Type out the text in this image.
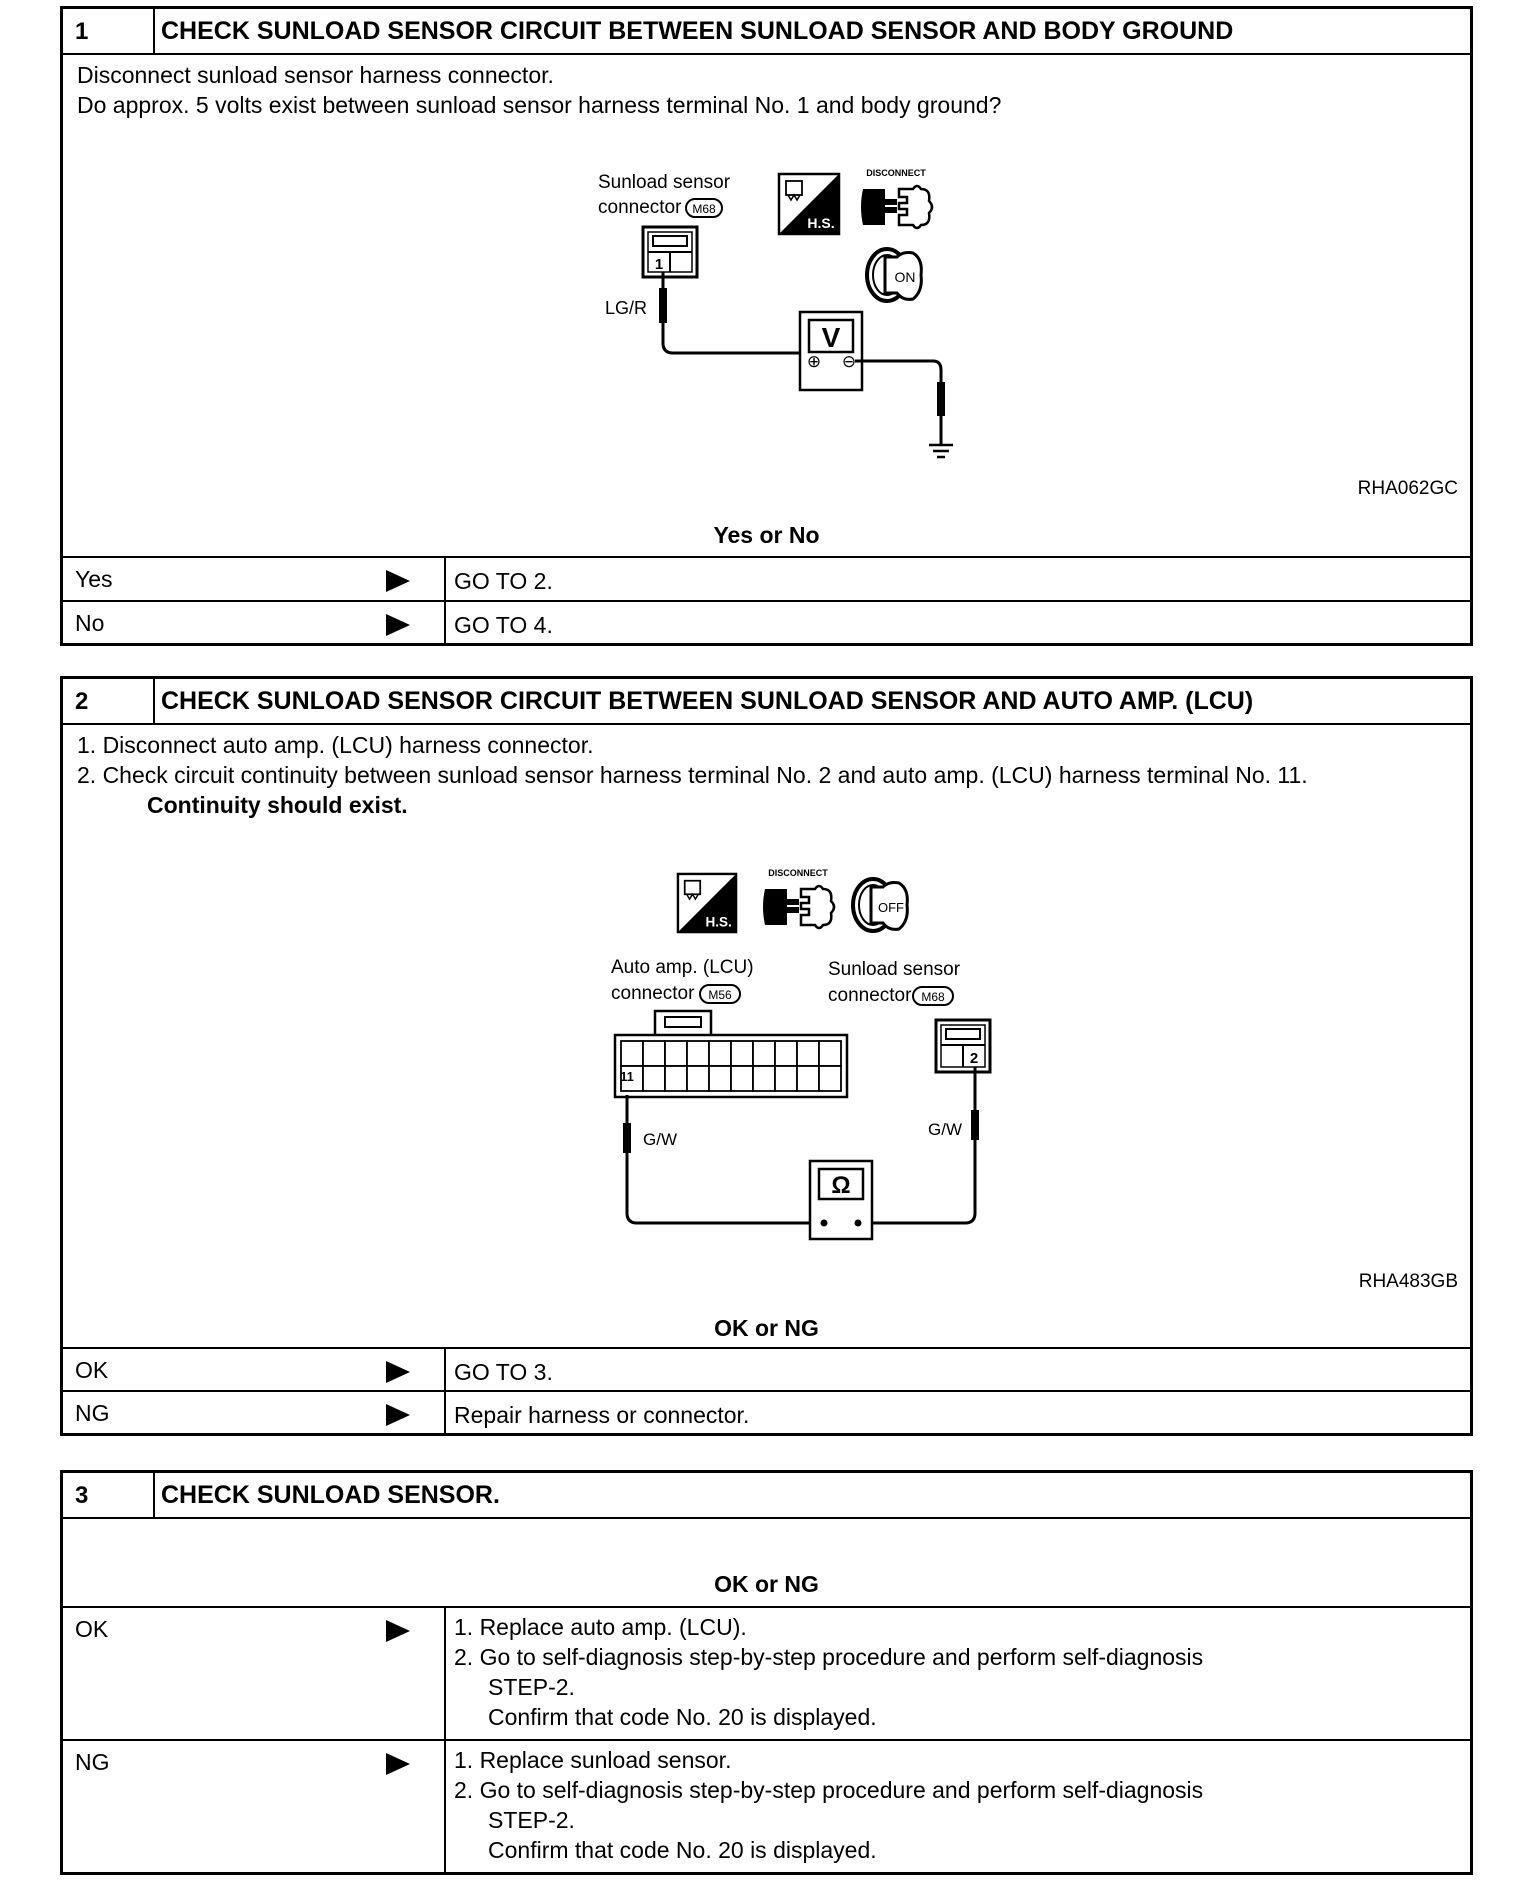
1	CHECK SUNLOAD SENSOR CIRCUIT BETWEEN SUNLOAD SENSOR AND BODY GROUND
Disconnect sunload sensor harness connector.
Do approx. 5 volts exist between sunload sensor harness terminal No. 1 and body ground?
Sunload sensor
connector M68
1
LG/R
V
⊕ ⊖
H.S.
DISCONNECT
ON
RHA062GC
Yes or No
Yes	GO TO 2.
No	GO TO 4.
2	CHECK SUNLOAD SENSOR CIRCUIT BETWEEN SUNLOAD SENSOR AND AUTO AMP. (LCU)
1. Disconnect auto amp. (LCU) harness connector.
2. Check circuit continuity between sunload sensor harness terminal No. 2 and auto amp. (LCU) harness terminal No. 11.
Continuity should exist.
H.S.
DISCONNECT
OFF
Auto amp. (LCU)
connector M56
Sunload sensor
connector M68
11
2
G/W
G/W
Ω
RHA483GB
OK or NG
OK	GO TO 3.
NG	Repair harness or connector.
3	CHECK SUNLOAD SENSOR.
OK or NG
OK	1. Replace auto amp. (LCU).
2. Go to self-diagnosis step-by-step procedure and perform self-diagnosis
STEP-2.
Confirm that code No. 20 is displayed.
NG	1. Replace sunload sensor.
2. Go to self-diagnosis step-by-step procedure and perform self-diagnosis
STEP-2.
Confirm that code No. 20 is displayed.
